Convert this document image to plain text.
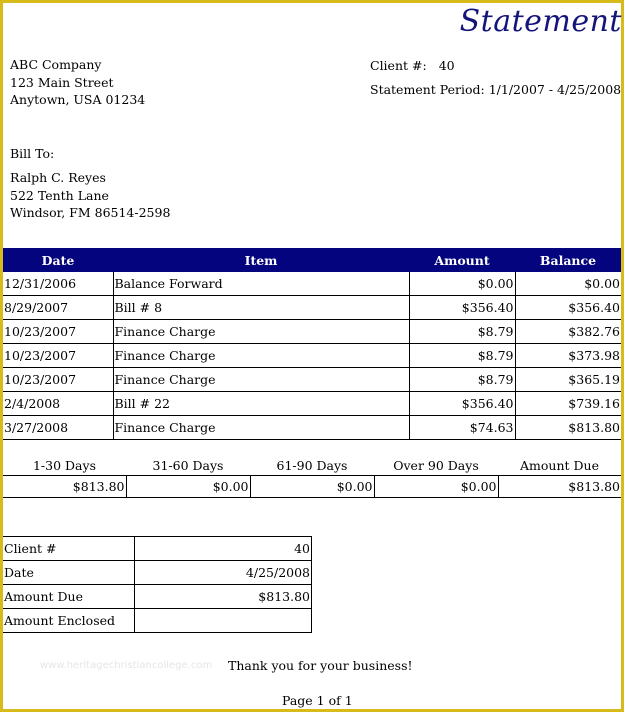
Statement
ABC Company
123 Main Street
Anytown, USA 01234
Client #: 40
Statement Period: 1/1/2007 - 4/25/2008
Bill To:
Ralph C. Reyes
522 Tenth Lane
Windsor, FM 86514-2598
Date	Item	Amount	Balance
12/31/2006	Balance Forward	$0.00	$0.00
8/29/2007	Bill # 8	$356.40	$356.40
10/23/2007	Finance Charge	$8.79	$382.76
10/23/2007	Finance Charge	$8.79	$373.98
10/23/2007	Finance Charge	$8.79	$365.19
2/4/2008	Bill # 22	$356.40	$739.16
3/27/2008	Finance Charge	$74.63	$813.80
1-30 Days	31-60 Days	61-90 Days	Over 90 Days	Amount Due
$813.80	$0.00	$0.00	$0.00	$813.80
Client #	40
Date	4/25/2008
Amount Due	$813.80
Amount Enclosed	
www.heritagechristiancollege.com Thank you for your business!
Page 1 of 1
